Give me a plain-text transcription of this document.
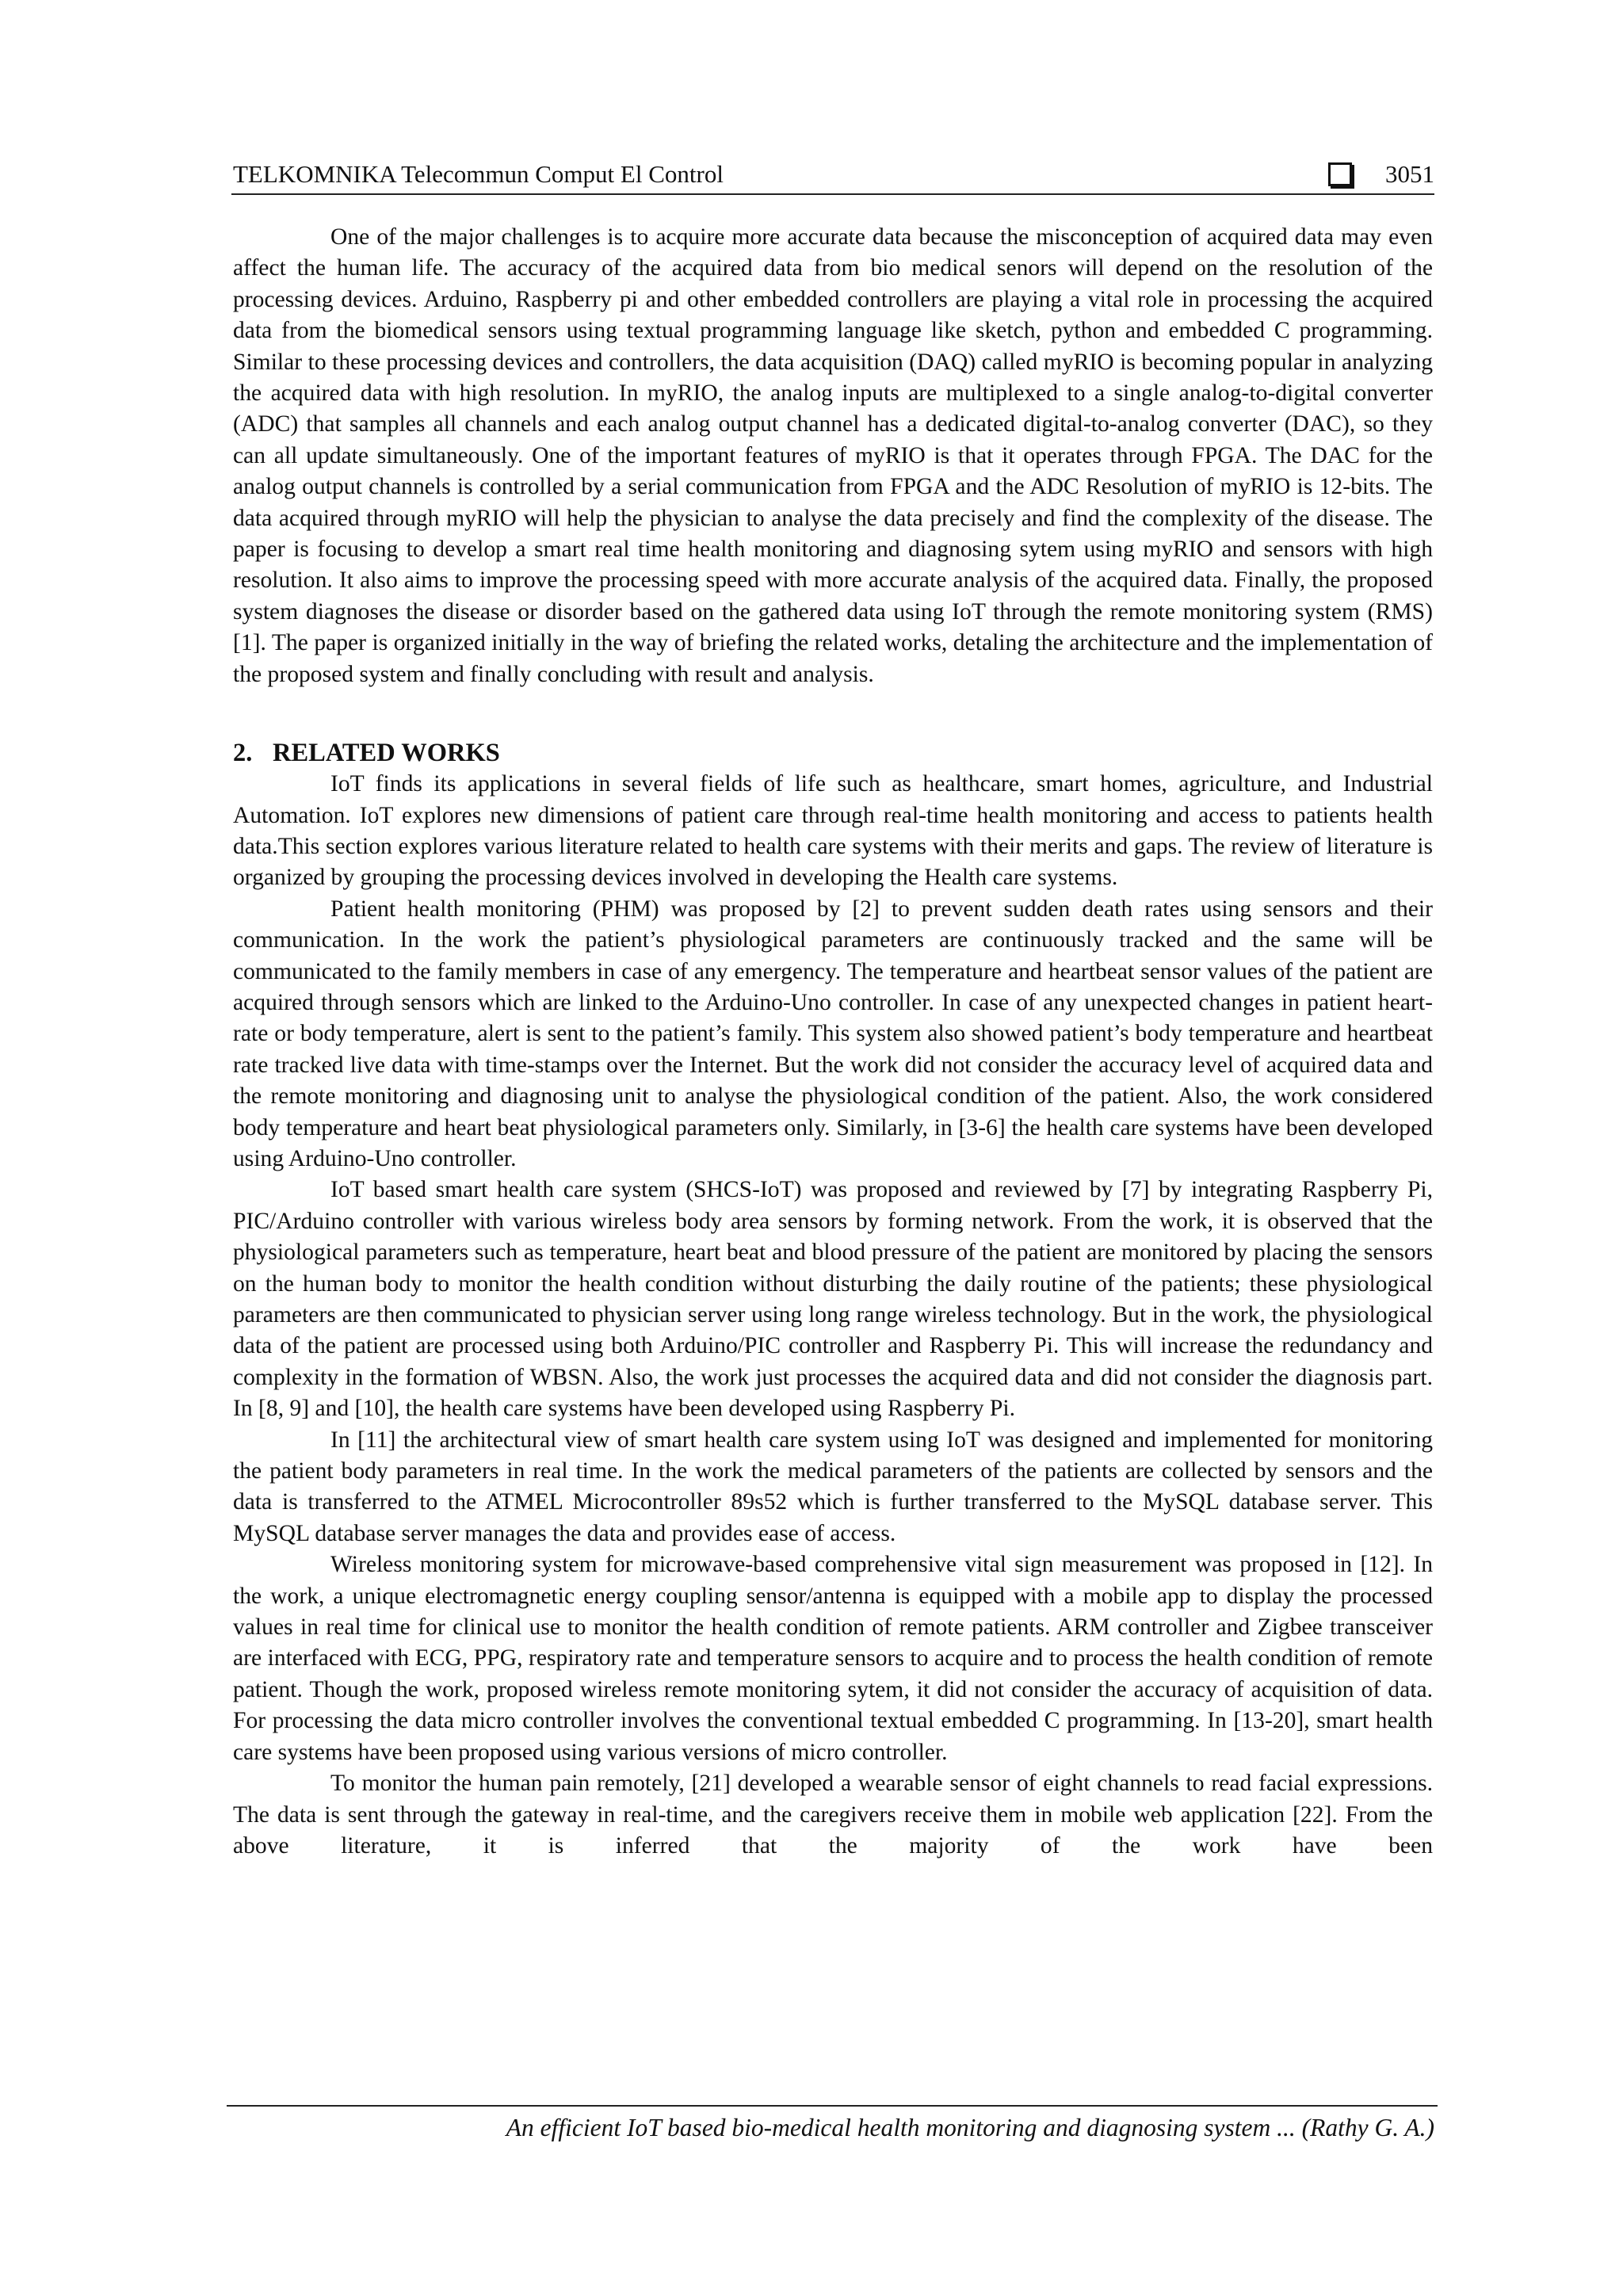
TELKOMNIKA Telecommun Comput El Control	3051

One of the major challenges is to acquire more accurate data because the misconception of acquired data may even affect the human life. The accuracy of the acquired data from bio medical senors will depend on the resolution of the processing devices. Arduino, Raspberry pi and other embedded controllers are playing a vital role in processing the acquired data from the biomedical sensors using textual programming language like sketch, python and embedded C programming. Similar to these processing devices and controllers, the data acquisition (DAQ) called myRIO is becoming popular in analyzing the acquired data with high resolution. In myRIO, the analog inputs are multiplexed to a single analog-to-digital converter (ADC) that samples all channels and each analog output channel has a dedicated digital-to-analog converter (DAC), so they can all update simultaneously. One of the important features of myRIO is that it operates through FPGA. The DAC for the analog output channels is controlled by a serial communication from FPGA and the ADC Resolution of myRIO is 12-bits. The data acquired through myRIO will help the physician to analyse the data precisely and find the complexity of the disease. The paper is focusing to develop a smart real time health monitoring and diagnosing sytem using myRIO and sensors with high resolution. It also aims to improve the processing speed with more accurate analysis of the acquired data. Finally, the proposed system diagnoses the disease or disorder based on the gathered data using IoT through the remote monitoring system (RMS) [1]. The paper is organized initially in the way of briefing the related works, detaling the architecture and the implementation of the proposed system and finally concluding with result and analysis.

2. RELATED WORKS

IoT finds its applications in several fields of life such as healthcare, smart homes, agriculture, and Industrial Automation. IoT explores new dimensions of patient care through real-time health monitoring and access to patients health data.This section explores various literature related to health care systems with their merits and gaps. The review of literature is organized by grouping the processing devices involved in developing the Health care systems.

Patient health monitoring (PHM) was proposed by [2] to prevent sudden death rates using sensors and their communication. In the work the patient’s physiological parameters are continuously tracked and the same will be communicated to the family members in case of any emergency. The temperature and heartbeat sensor values of the patient are acquired through sensors which are linked to the Arduino-Uno controller. In case of any unexpected changes in patient heart-rate or body temperature, alert is sent to the patient’s family. This system also showed patient’s body temperature and heartbeat rate tracked live data with time-stamps over the Internet. But the work did not consider the accuracy level of acquired data and the remote monitoring and diagnosing unit to analyse the physiological condition of the patient. Also, the work considered body temperature and heart beat physiological parameters only. Similarly, in [3-6] the health care systems have been developed using Arduino-Uno controller.

IoT based smart health care system (SHCS-IoT) was proposed and reviewed by [7] by integrating Raspberry Pi, PIC/Arduino controller with various wireless body area sensors by forming network. From the work, it is observed that the physiological parameters such as temperature, heart beat and blood pressure of the patient are monitored by placing the sensors on the human body to monitor the health condition without disturbing the daily routine of the patients; these physiological parameters are then communicated to physician server using long range wireless technology. But in the work, the physiological data of the patient are processed using both Arduino/PIC controller and Raspberry Pi. This will increase the redundancy and complexity in the formation of WBSN. Also, the work just processes the acquired data and did not consider the diagnosis part. In [8, 9] and [10], the health care systems have been developed using Raspberry Pi.

In [11] the architectural view of smart health care system using IoT was designed and implemented for monitoring the patient body parameters in real time. In the work the medical parameters of the patients are collected by sensors and the data is transferred to the ATMEL Microcontroller 89s52 which is further transferred to the MySQL database server. This MySQL database server manages the data and provides ease of access.

Wireless monitoring system for microwave-based comprehensive vital sign measurement was proposed in [12]. In the work, a unique electromagnetic energy coupling sensor/antenna is equipped with a mobile app to display the processed values in real time for clinical use to monitor the health condition of remote patients. ARM controller and Zigbee transceiver are interfaced with ECG, PPG, respiratory rate and temperature sensors to acquire and to process the health condition of remote patient. Though the work, proposed wireless remote monitoring sytem, it did not consider the accuracy of acquisition of data. For processing the data micro controller involves the conventional textual embedded C programming. In [13-20], smart health care systems have been proposed using various versions of micro controller.

To monitor the human pain remotely, [21] developed a wearable sensor of eight channels to read facial expressions. The data is sent through the gateway in real-time, and the caregivers receive them in mobile web application [22]. From the above literature, it is inferred that the majority of the work have been

An efficient IoT based bio-medical health monitoring and diagnosing system ... (Rathy G. A.)
